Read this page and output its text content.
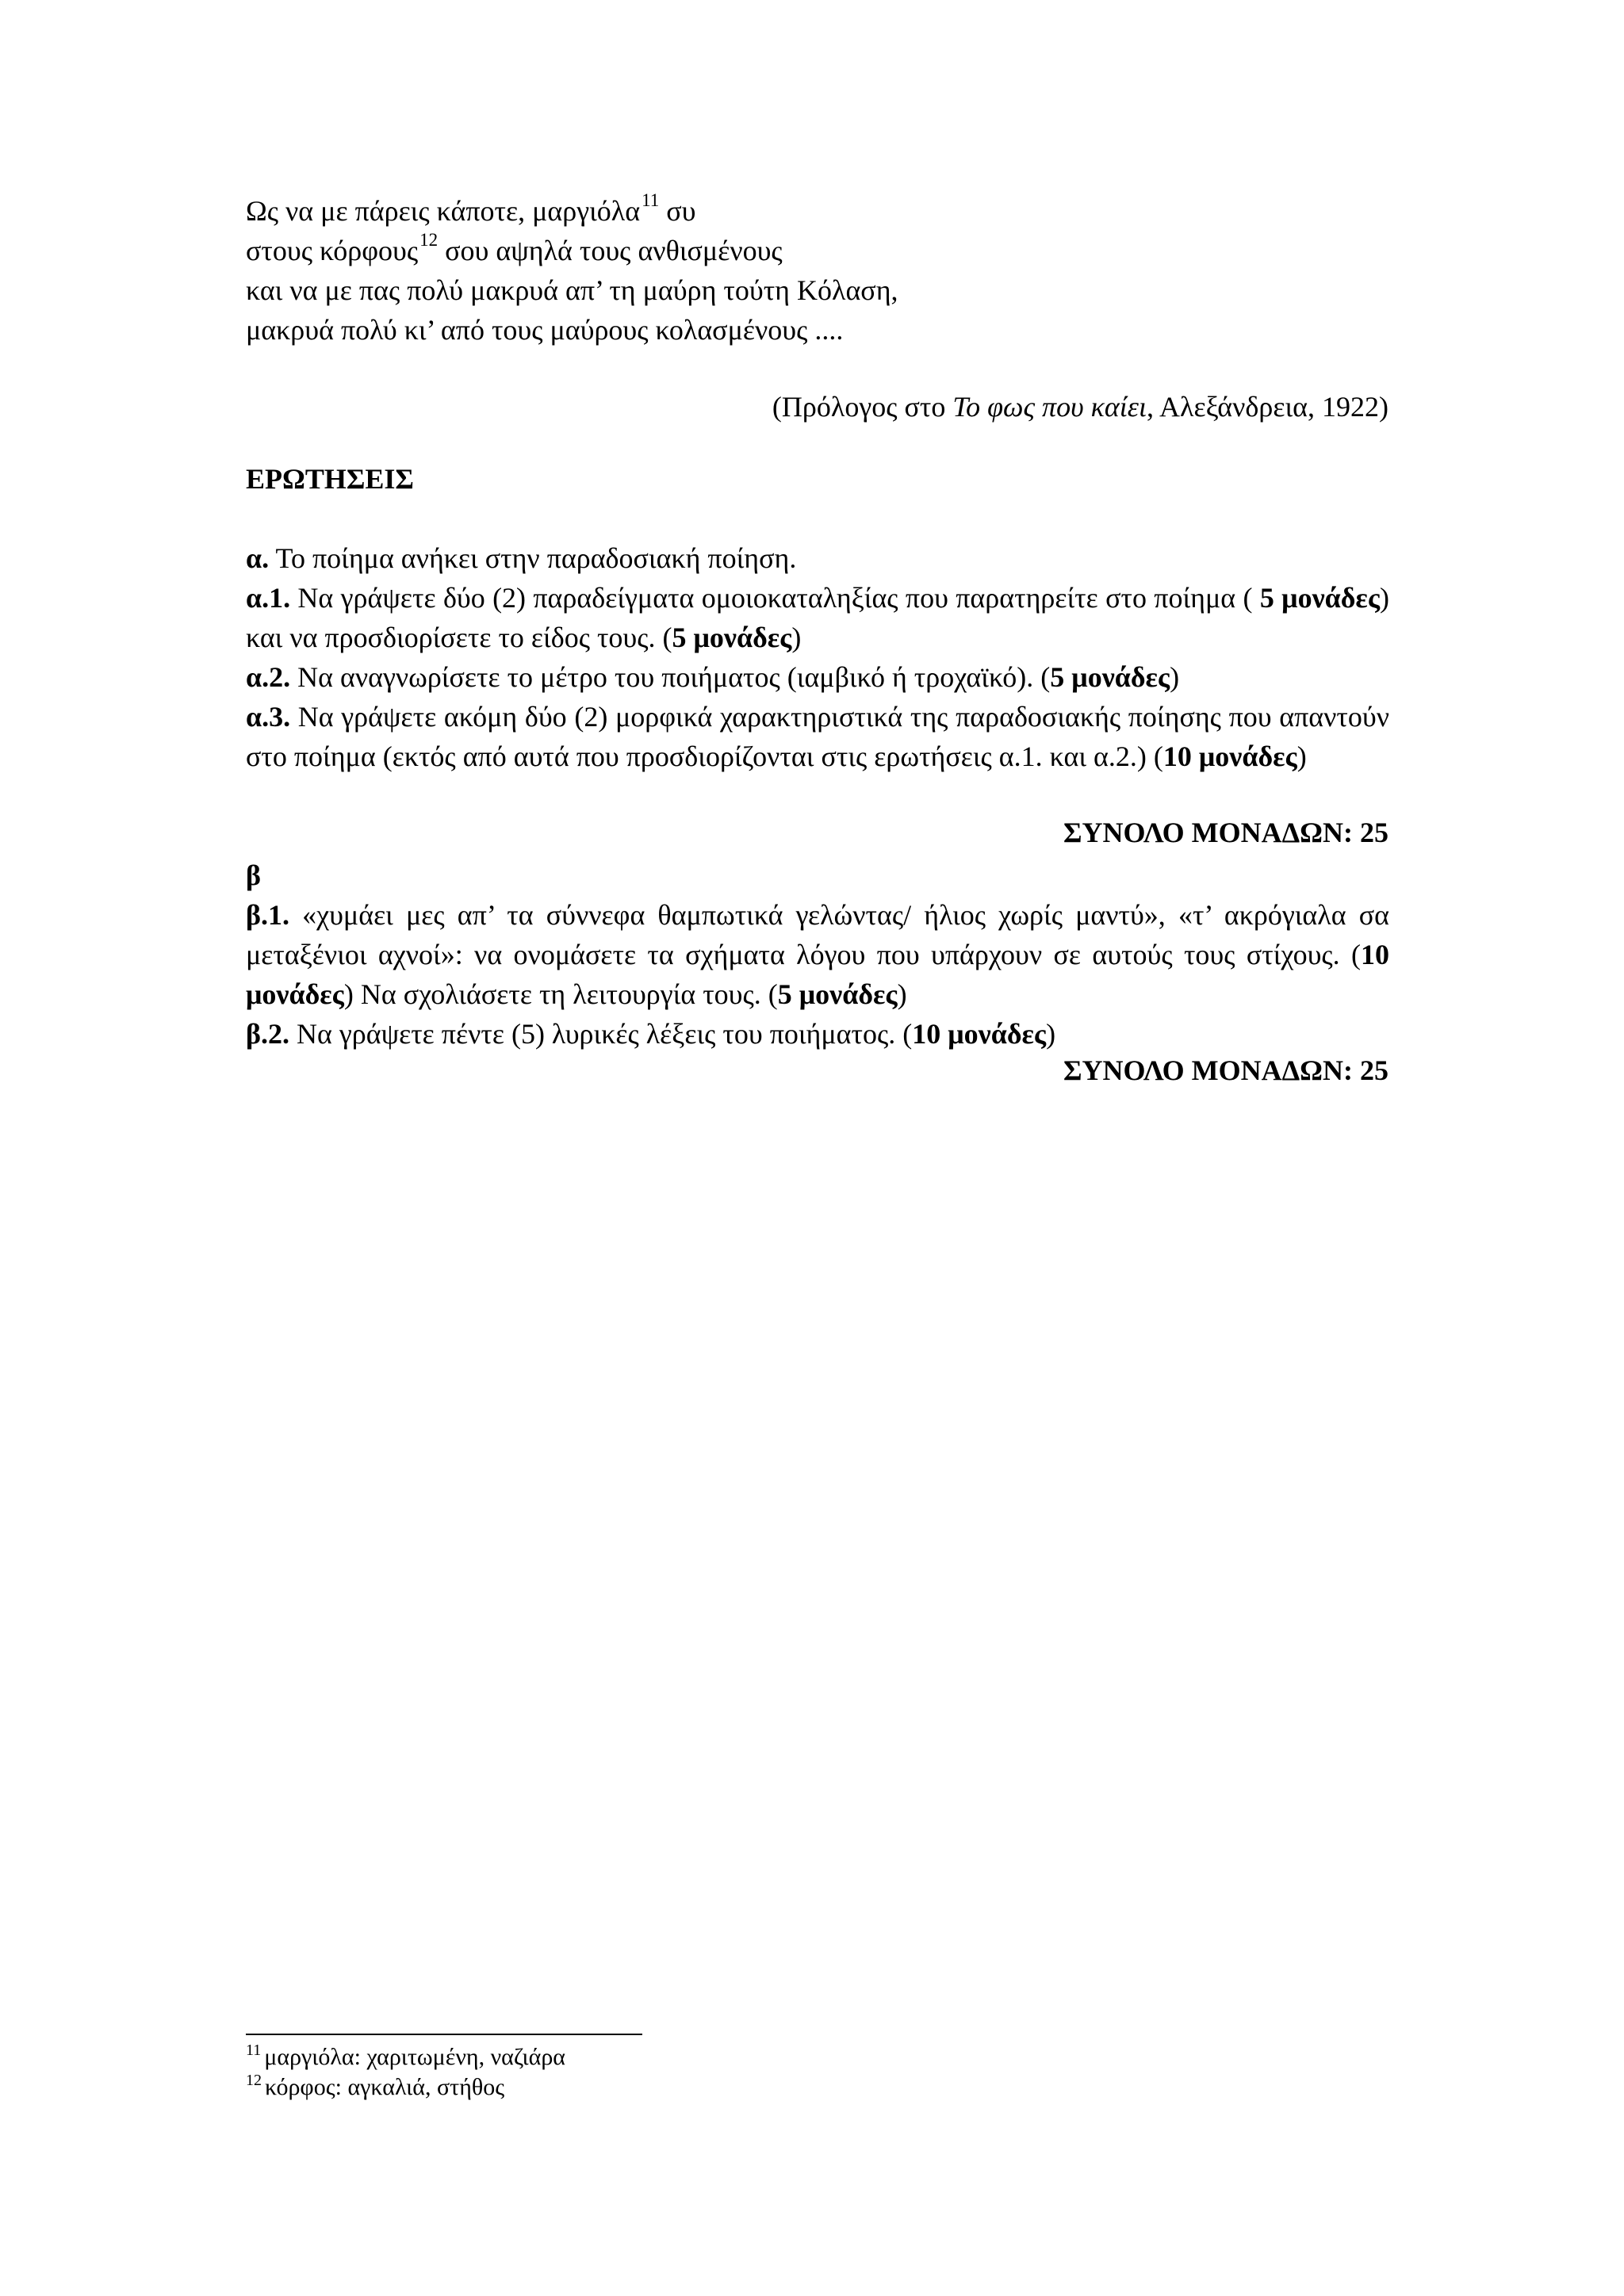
Ως να με πάρεις κάποτε, μαργιόλα$^{11}$ συ
στους κόρφους$^{12}$ σου αψηλά τους ανθισμένους
και να με πας πολύ μακρυά απ’ τη μαύρη τούτη Κόλαση,
μακρυά πολύ κι’ από τους μαύρους κολασμένους ....
(Πρόλογος στο Το φως που καίει, Αλεξάνδρεια, 1922)
ΕΡΩΤΗΣΕΙΣ
α. Το ποίημα ανήκει στην παραδοσιακή ποίηση.
α.1. Να γράψετε δύο (2) παραδείγματα ομοιοκαταληξίας που παρατηρείτε στο ποίημα ( 5 μονάδες) και να προσδιορίσετε το είδος τους. (5 μονάδες)
α.2. Να αναγνωρίσετε το μέτρο του ποιήματος (ιαμβικό ή τροχαϊκό). (5 μονάδες)
α.3. Να γράψετε ακόμη δύο (2) μορφικά χαρακτηριστικά της παραδοσιακής ποίησης που απαντούν στο ποίημα (εκτός από αυτά που προσδιορίζονται στις ερωτήσεις α.1. και α.2.) (10 μονάδες)
ΣΥΝΟΛΟ ΜΟΝΑΔΩΝ: 25
β
β.1. «χυμάει μες απ’ τα σύννεφα θαμπωτικά γελώντας/ ήλιος χωρίς μαντύ», «τ’ ακρόγιαλα σα μεταξένιοι αχνοί»: να ονομάσετε τα σχήματα λόγου που υπάρχουν σε αυτούς τους στίχους. (10 μονάδες) Να σχολιάσετε τη λειτουργία τους. (5 μονάδες)
β.2. Να γράψετε πέντε (5) λυρικές λέξεις του ποιήματος. (10 μονάδες)
ΣΥΝΟΛΟ ΜΟΝΑΔΩΝ: 25
$^{11}$ μαργιόλα: χαριτωμένη, ναζιάρα
$^{12}$ κόρφος: αγκαλιά, στήθος
